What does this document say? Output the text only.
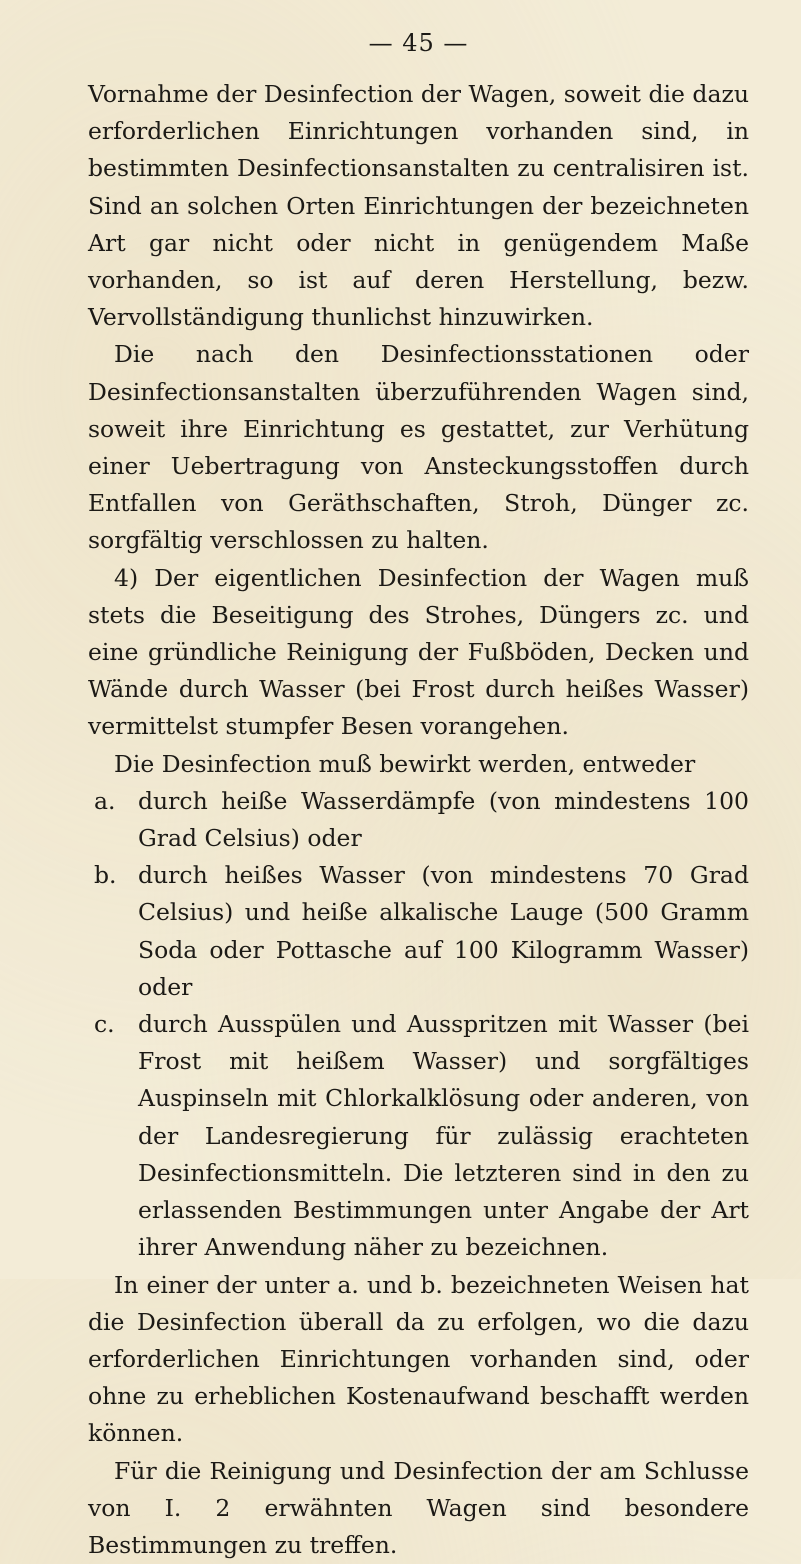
— 45 —

Vornahme der Desinfection der Wagen, soweit die dazu erforderlichen Einrichtungen vorhanden sind, in bestimmten Desinfectionsanstalten zu centralisiren ist. Sind an solchen Orten Einrichtungen der bezeichneten Art gar nicht oder nicht in genügendem Maße vorhanden, so ist auf deren Herstellung, bezw. Vervollständigung thunlichst hinzuwirken.

Die nach den Desinfectionsstationen oder Desinfectionsanstalten überzuführenden Wagen sind, soweit ihre Einrichtung es gestattet, zur Verhütung einer Uebertragung von Ansteckungsstoffen durch Entfallen von Geräthschaften, Stroh, Dünger zc. sorgfältig verschlossen zu halten.

4) Der eigentlichen Desinfection der Wagen muß stets die Beseitigung des Strohes, Düngers zc. und eine gründliche Reinigung der Fußböden, Decken und Wände durch Wasser (bei Frost durch heißes Wasser) vermittelst stumpfer Besen vorangehen.

Die Desinfection muß bewirkt werden, entweder

a. durch heiße Wasserdämpfe (von mindestens 100 Grad Celsius) oder
b. durch heißes Wasser (von mindestens 70 Grad Celsius) und heiße alkalische Lauge (500 Gramm Soda oder Pottasche auf 100 Kilogramm Wasser) oder
c. durch Ausspülen und Ausspritzen mit Wasser (bei Frost mit heißem Wasser) und sorgfältiges Auspinseln mit Chlorkalklösung oder anderen, von der Landesregierung für zulässig erachteten Desinfectionsmitteln. Die letzteren sind in den zu erlassenden Bestimmungen unter Angabe der Art ihrer Anwendung näher zu bezeichnen.

In einer der unter a. und b. bezeichneten Weisen hat die Desinfection überall da zu erfolgen, wo die dazu erforderlichen Einrichtungen vorhanden sind, oder ohne zu erheblichen Kostenaufwand beschafft werden können.

Für die Reinigung und Desinfection der am Schlusse von I. 2 erwähnten Wagen sind besondere Bestimmungen zu treffen.
